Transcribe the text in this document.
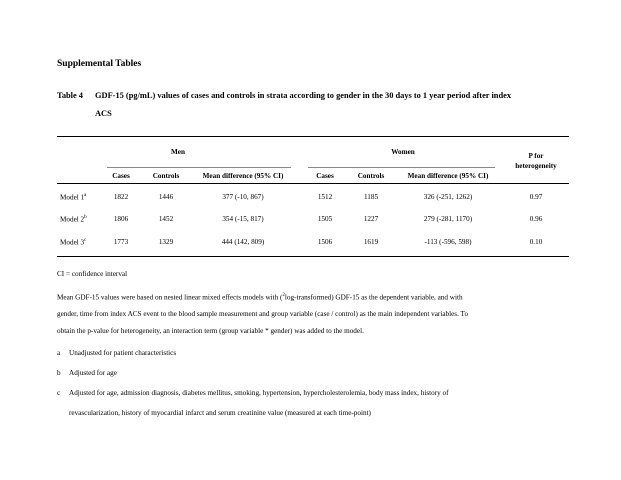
Supplemental Tables
Table 4 GDF-15 (pg/mL) values of cases and controls in strata according to gender in the 30 days to 1 year period after index
ACS
Men	Women	P for
heterogeneity
Cases	Controls	Mean difference (95% CI)	Cases	Controls	Mean difference (95% CI)
Model 1$^a$	1822	1446	377 (-10, 867)	1512	1185	326 (-251, 1262)	0.97
Model 2$^b$	1806	1452	354 (-15, 817)	1505	1227	279 (-281, 1170)	0.96
Model 3$^c$	1773	1329	444 (142, 809)	1506	1619	-113 (-596, 598)	0.10
CI = confidence interval
Mean GDF-15 values were based on nested linear mixed effects models with ($^2$log-transformed) GDF-15 as the dependent variable, and with
gender, time from index ACS event to the blood sample measurement and group variable (case / control) as the main independent variables. To
obtain the p-value for heterogeneity, an interaction term (group variable * gender) was added to the model.
a Unadjusted for patient characteristics
b Adjusted for age
c Adjusted for age, admission diagnosis, diabetes mellitus, smoking, hypertension, hypercholesterolemia, body mass index, history of
revascularization, history of myocardial infarct and serum creatinine value (measured at each time-point)
